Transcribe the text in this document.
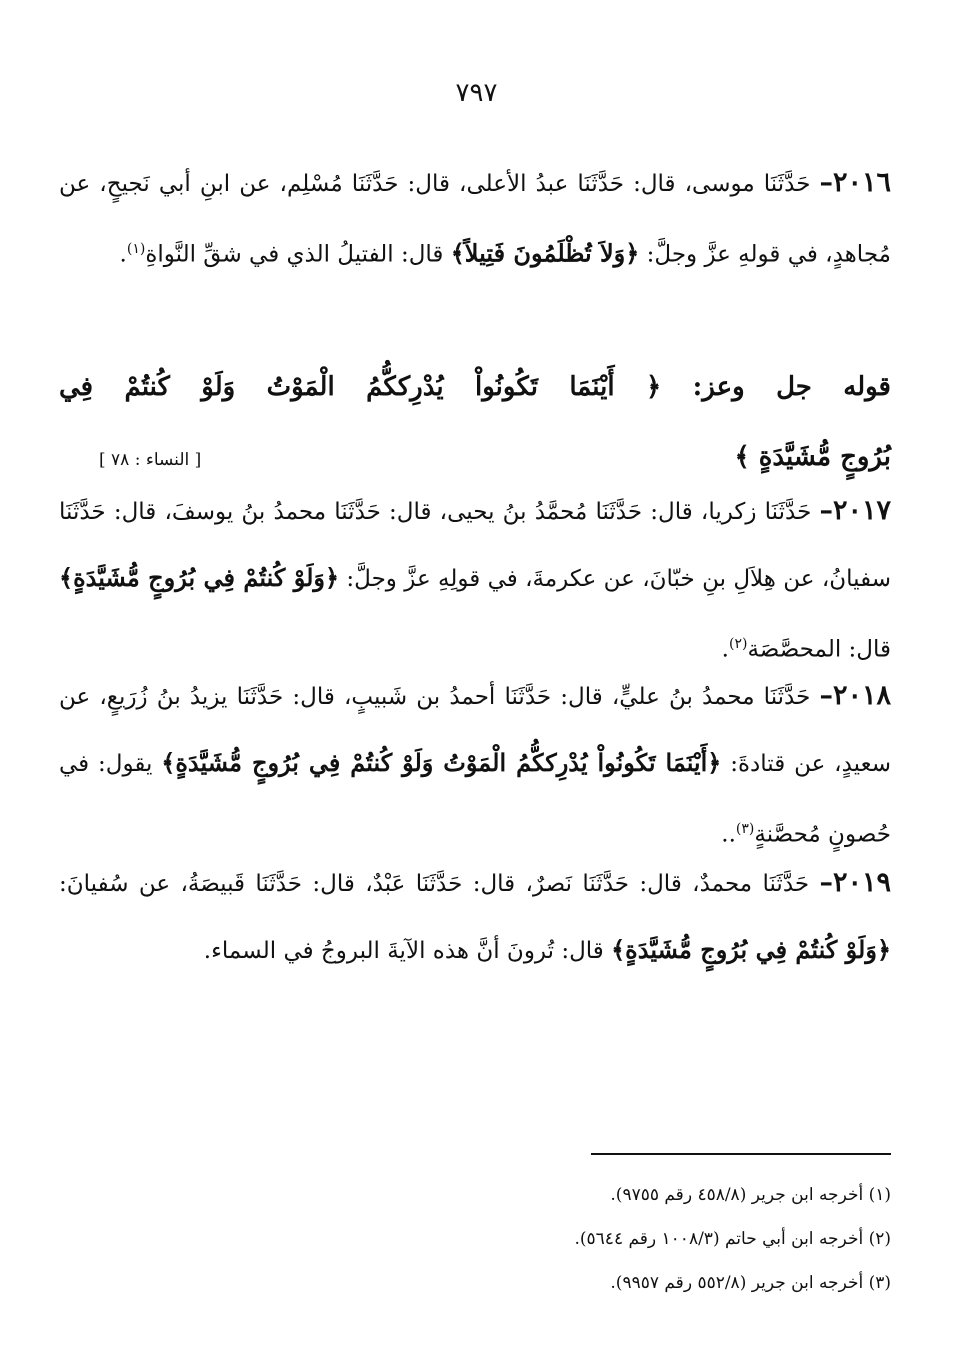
٧٩٧
٢٠١٦– حَدَّثَنَا موسى، قال: حَدَّثَنَا عبدُ الأعلى، قال: حَدَّثَنَا مُسْلِم، عن ابنِ أبي نَجيحٍ، عن مُجاهدٍ، في قولهِ عزَّ وجلَّ: ﴿وَلاَ تُظْلَمُونَ فَتِيلاً﴾ قال: الفتيلُ الذي في شقِّ النَّواةِ$^{(١)}$.
قوله جل وعز: ﴿ أَيْنَمَا تَكُونُواْ يُدْرِككُّمُ الْمَوْتُ وَلَوْ كُنتُمْ فِي
بُرُوجٍ مُّشَيَّدَةٍ ﴾
[ النساء : ٧٨ ]
٢٠١٧– حَدَّثَنَا زكريا، قال: حَدَّثَنَا مُحمَّدُ بنُ يحيى، قال: حَدَّثَنَا محمدُ بنُ يوسفَ، قال: حَدَّثَنَا سفيانُ، عن هِلاَلِ بنِ خبّانَ، عن عكرمةَ، في قولِهِ عزَّ وجلَّ: ﴿وَلَوْ كُنتُمْ فِي بُرُوجٍ مُّشَيَّدَةٍ﴾ قال: المحصَّصَة$^{(٢)}$.
٢٠١٨– حَدَّثَنَا محمدُ بنُ عليٍّ، قال: حَدَّثَنَا أحمدُ بن شَبيبٍ، قال: حَدَّثَنَا يزيدُ بنُ زُرَيعٍ، عن سعيدٍ، عن قتادةَ: ﴿أَيْنَمَا تَكُونُواْ يُدْرِككُّمُ الْمَوْتُ وَلَوْ كُنتُمْ فِي بُرُوجٍ مُّشَيَّدَةٍ﴾ يقول: في حُصونٍ مُحصَّنةٍ$^{(٣)}$..
٢٠١٩– حَدَّثَنَا محمدٌ، قال: حَدَّثَنَا نَصرٌ، قال: حَدَّثَنَا عَبْدٌ، قال: حَدَّثَنَا قَبيصَةُ، عن سُفيانَ: ﴿وَلَوْ كُنتُمْ فِي بُرُوجٍ مُّشَيَّدَةٍ﴾ قال: تُرونَ أنَّ هذه الآيةَ البروجُ في السماء.
(١) أخرجه ابن جرير (٤٥٨/٨ رقم ٩٧٥٥).
(٢) أخرجه ابن أبي حاتم (١٠٠٨/٣ رقم ٥٦٤٤).
(٣) أخرجه ابن جرير (٥٥٢/٨ رقم ٩٩٥٧).
